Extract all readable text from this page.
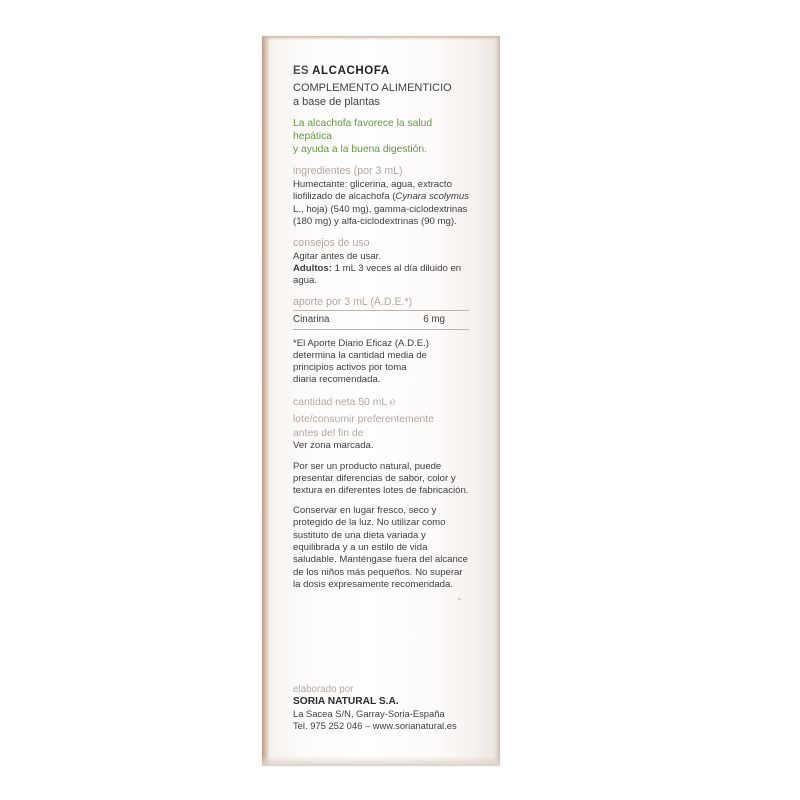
ES ALCACHOFA
COMPLEMENTO ALIMENTICIO
a base de plantas
La alcachofa favorece la salud hepática
y ayuda a la buena digestión.
ingredientes (por 3 mL)
Humectante: glicerina, agua, extracto liofilizado de alcachofa (Cynara scolymus L., hoja) (540 mg), gamma-ciclodextrinas (180 mg) y alfa-ciclodextrinas (90 mg).
consejos de uso
Agitar antes de usar.
Adultos: 1 mL 3 veces al día diluido en agua.
aporte por 3 mL (A.D.E.*)
Cinarina	6 mg
*El Aporte Diario Eficaz (A.D.E.)
determina la cantidad media de
principios activos por toma
diaria recomendada.
cantidad neta 50 mL ℮
lote/consumir preferentemente
antes del fin de
Ver zona marcada.
Por ser un producto natural, puede presentar diferencias de sabor, color y textura en diferentes lotes de fabricación.
Conservar en lugar fresco, seco y protegido de la luz. No utilizar como sustituto de una dieta variada y equilibrada y a un estilo de vida saludable. Manténgase fuera del alcance de los niños más pequeños. No superar la dosis expresamente recomendada.
elaborado por
SORIA NATURAL S.A.
La Sacea S/N, Garray-Soria-España
Tel. 975 252 046 – www.sorianatural.es
